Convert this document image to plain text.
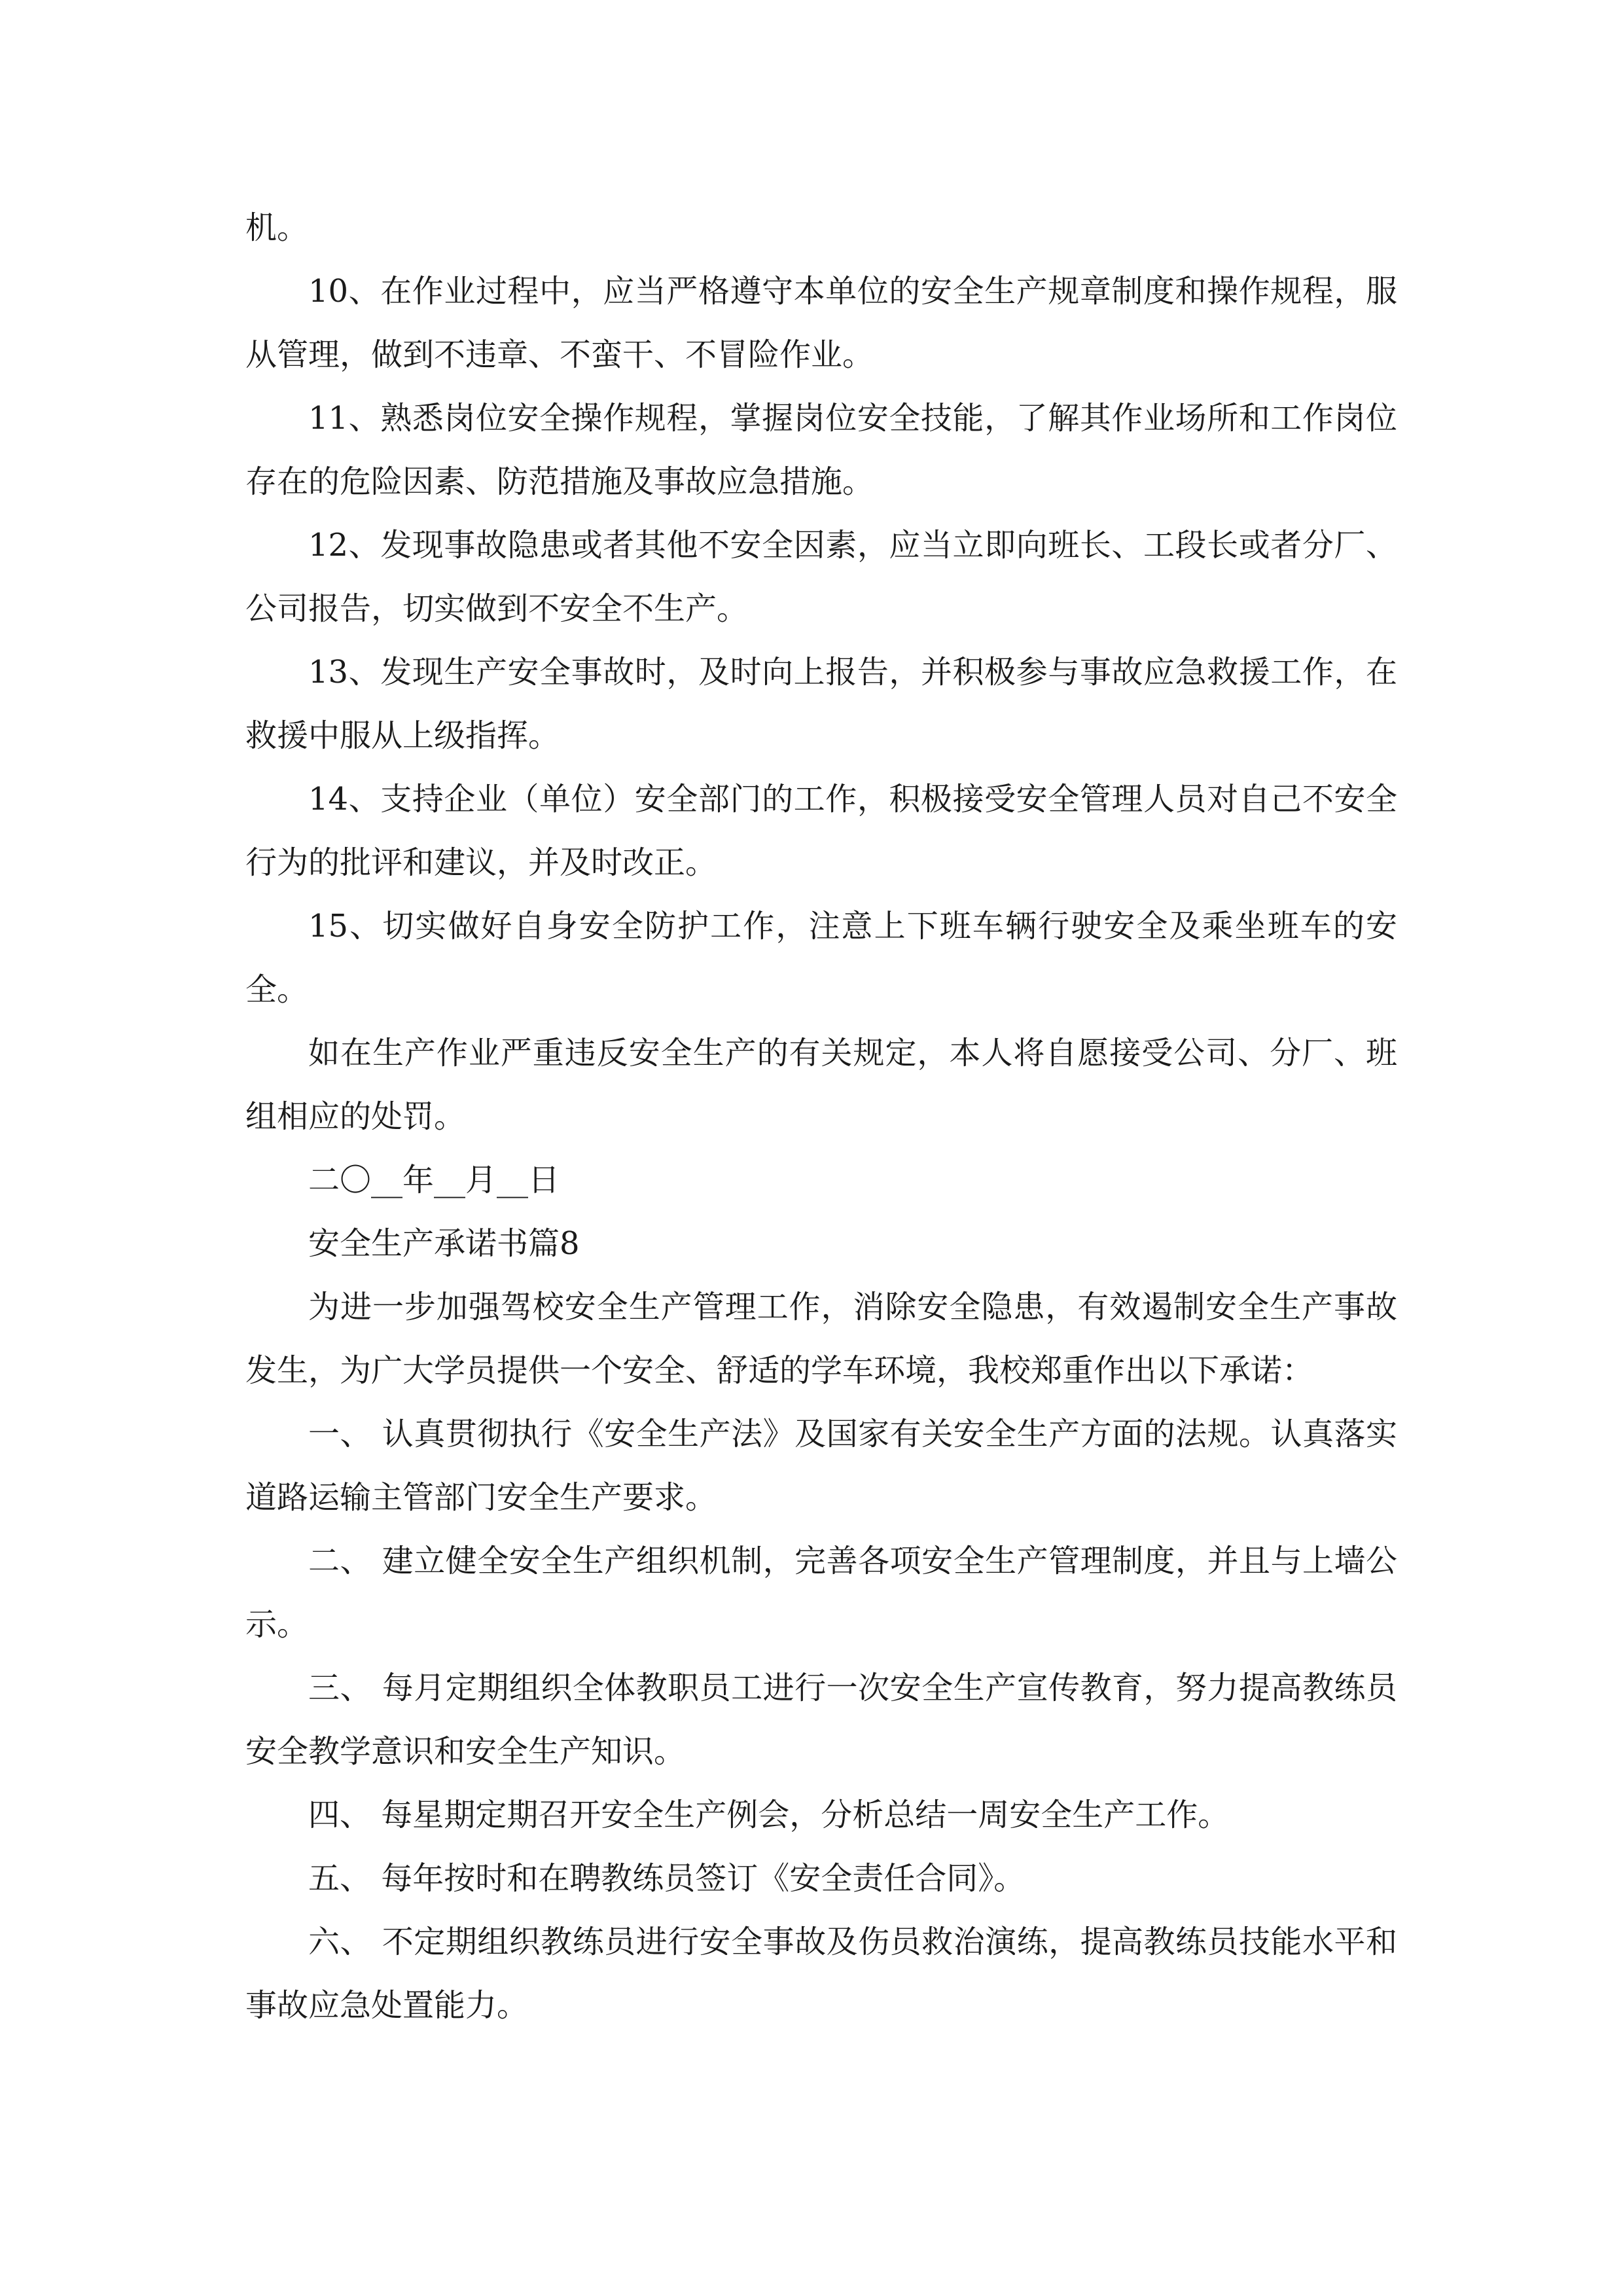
机。

10、在作业过程中，应当严格遵守本单位的安全生产规章制度和操作规程，服从管理，做到不违章、不蛮干、不冒险作业。

11、熟悉岗位安全操作规程，掌握岗位安全技能，了解其作业场所和工作岗位存在的危险因素、防范措施及事故应急措施。

12、发现事故隐患或者其他不安全因素，应当立即向班长、工段长或者分厂、公司报告，切实做到不安全不生产。

13、发现生产安全事故时，及时向上报告，并积极参与事故应急救援工作，在救援中服从上级指挥。

14、支持企业（单位）安全部门的工作，积极接受安全管理人员对自己不安全行为的批评和建议，并及时改正。

15、切实做好自身安全防护工作，注意上下班车辆行驶安全及乘坐班车的安全。

如在生产作业严重违反安全生产的有关规定，本人将自愿接受公司、分厂、班组相应的处罚。

二〇__年__月__日

安全生产承诺书篇8

为进一步加强驾校安全生产管理工作，消除安全隐患，有效遏制安全生产事故发生，为广大学员提供一个安全、舒适的学车环境，我校郑重作出以下承诺：

一、 认真贯彻执行《安全生产法》及国家有关安全生产方面的法规。认真落实道路运输主管部门安全生产要求。

二、 建立健全安全生产组织机制，完善各项安全生产管理制度，并且与上墙公示。

三、 每月定期组织全体教职员工进行一次安全生产宣传教育，努力提高教练员安全教学意识和安全生产知识。

四、 每星期定期召开安全生产例会，分析总结一周安全生产工作。

五、 每年按时和在聘教练员签订《安全责任合同》。

六、 不定期组织教练员进行安全事故及伤员救治演练，提高教练员技能水平和事故应急处置能力。
